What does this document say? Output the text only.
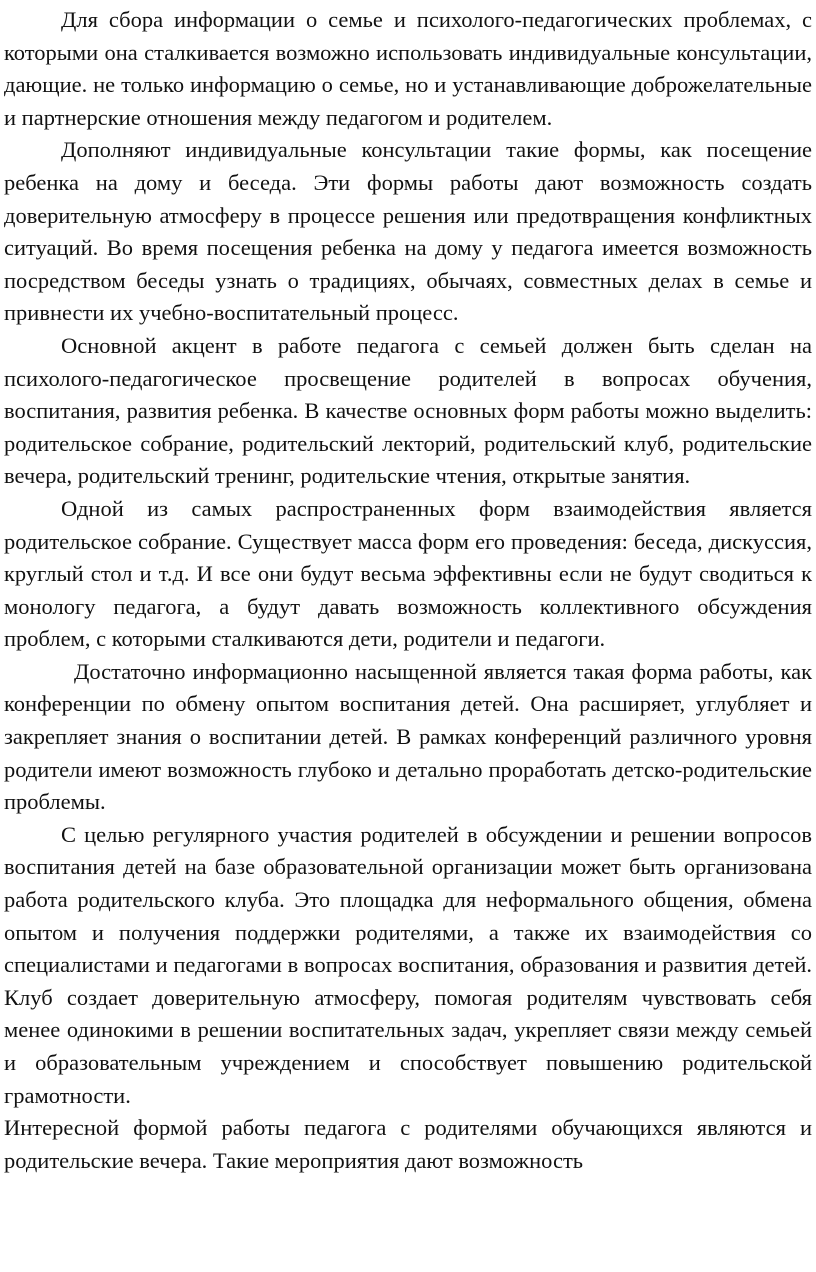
Для сбора информации о семье и психолого-педагогических проблемах, с которыми она сталкивается возможно использовать индивидуальные консультации, дающие. не только информацию о семье, но и устанавливающие доброжелательные и партнерские отношения между педагогом и родителем.

Дополняют индивидуальные консультации такие формы, как посещение ребенка на дому и беседа. Эти формы работы дают возможность создать доверительную атмосферу в процессе решения или предотвращения конфликтных ситуаций. Во время посещения ребенка на дому у педагога имеется возможность посредством беседы узнать о традициях, обычаях, совместных делах в семье и привнести их учебно-воспитательный процесс.

Основной акцент в работе педагога с семьей должен быть сделан на психолого-педагогическое просвещение родителей в вопросах обучения, воспитания, развития ребенка. В качестве основных форм работы можно выделить: родительское собрание, родительский лекторий, родительский клуб, родительские вечера, родительский тренинг, родительские чтения, открытые занятия.

Одной из самых распространенных форм взаимодействия является родительское собрание. Существует масса форм его проведения: беседа, дискуссия, круглый стол и т.д. И все они будут весьма эффективны если не будут сводиться к монологу педагога, а будут давать возможность коллективного обсуждения проблем, с которыми сталкиваются дети, родители и педагоги.

Достаточно информационно насыщенной является такая форма работы, как конференции по обмену опытом воспитания детей. Она расширяет, углубляет и закрепляет знания о воспитании детей. В рамках конференций различного уровня родители имеют возможность глубоко и детально проработать детско-родительские проблемы.

С целью регулярного участия родителей в обсуждении и решении вопросов воспитания детей на базе образовательной организации может быть организована работа родительского клуба. Это площадка для неформального общения, обмена опытом и получения поддержки родителями, а также их взаимодействия со специалистами и педагогами в вопросах воспитания, образования и развития детей. Клуб создает доверительную атмосферу, помогая родителям чувствовать себя менее одинокими в решении воспитательных задач, укрепляет связи между семьей и образовательным учреждением и способствует повышению родительской грамотности.

Интересной формой работы педагога с родителями обучающихся являются и родительские вечера. Такие мероприятия дают возможность
